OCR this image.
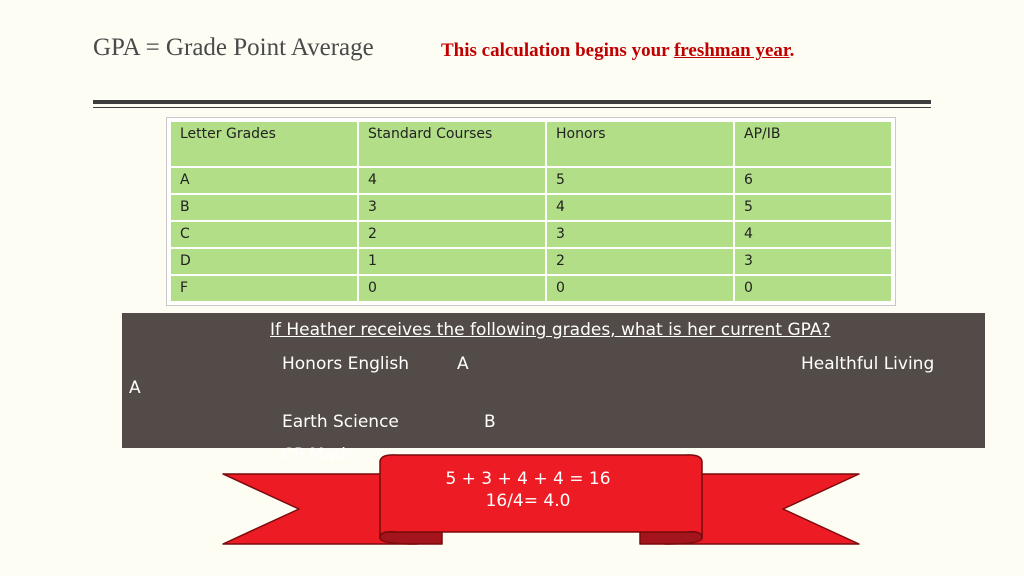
GPA = Grade Point Average	This calculation begins your freshman year.
Letter Grades	Standard Courses	Honors	AP/IB
A	4	5	6
B	3	4	5
C	2	3	4
D	1	2	3
F	0	0	0
If Heather receives the following grades, what is her current GPA?
Honors English	A	Healthful Living
A
Earth Science	B
CP Math
5 + 3 + 4 + 4 = 16
16/4= 4.0
